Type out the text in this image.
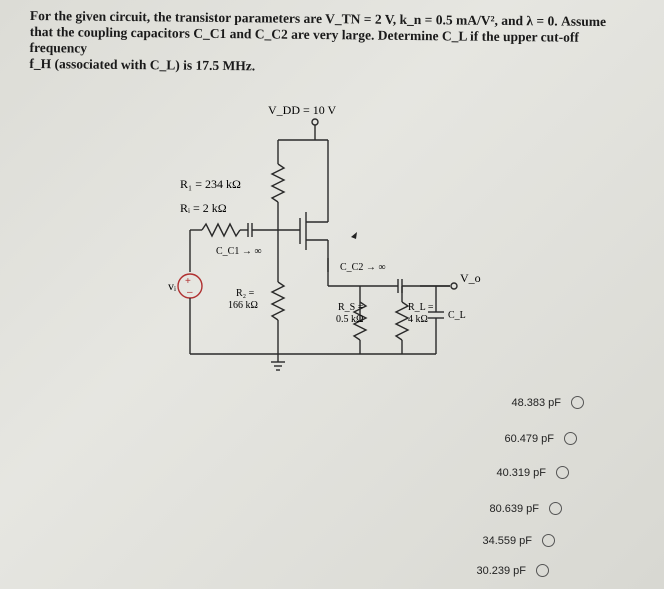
For the given circuit, the transistor parameters are V_TN = 2 V, k_n = 0.5 mA/V², and λ = 0. Assume

that the coupling capacitors C_C1 and C_C2 are very large. Determine C_L if the upper cut-off frequency

f_H (associated with C_L) is 17.5 MHz.

+
–
V_DD = 10 V
R₁ = 234 kΩ
Rᵢ = 2 kΩ
C_C1 → ∞
C_C2 → ∞
vᵢ
R₂ =
166 kΩ	R_S =
0.5 kΩ
R_L =
4 kΩ C_L
V_o
48.383 pF
60.479 pF
40.319 pF
80.639 pF
34.559 pF
30.239 pF
